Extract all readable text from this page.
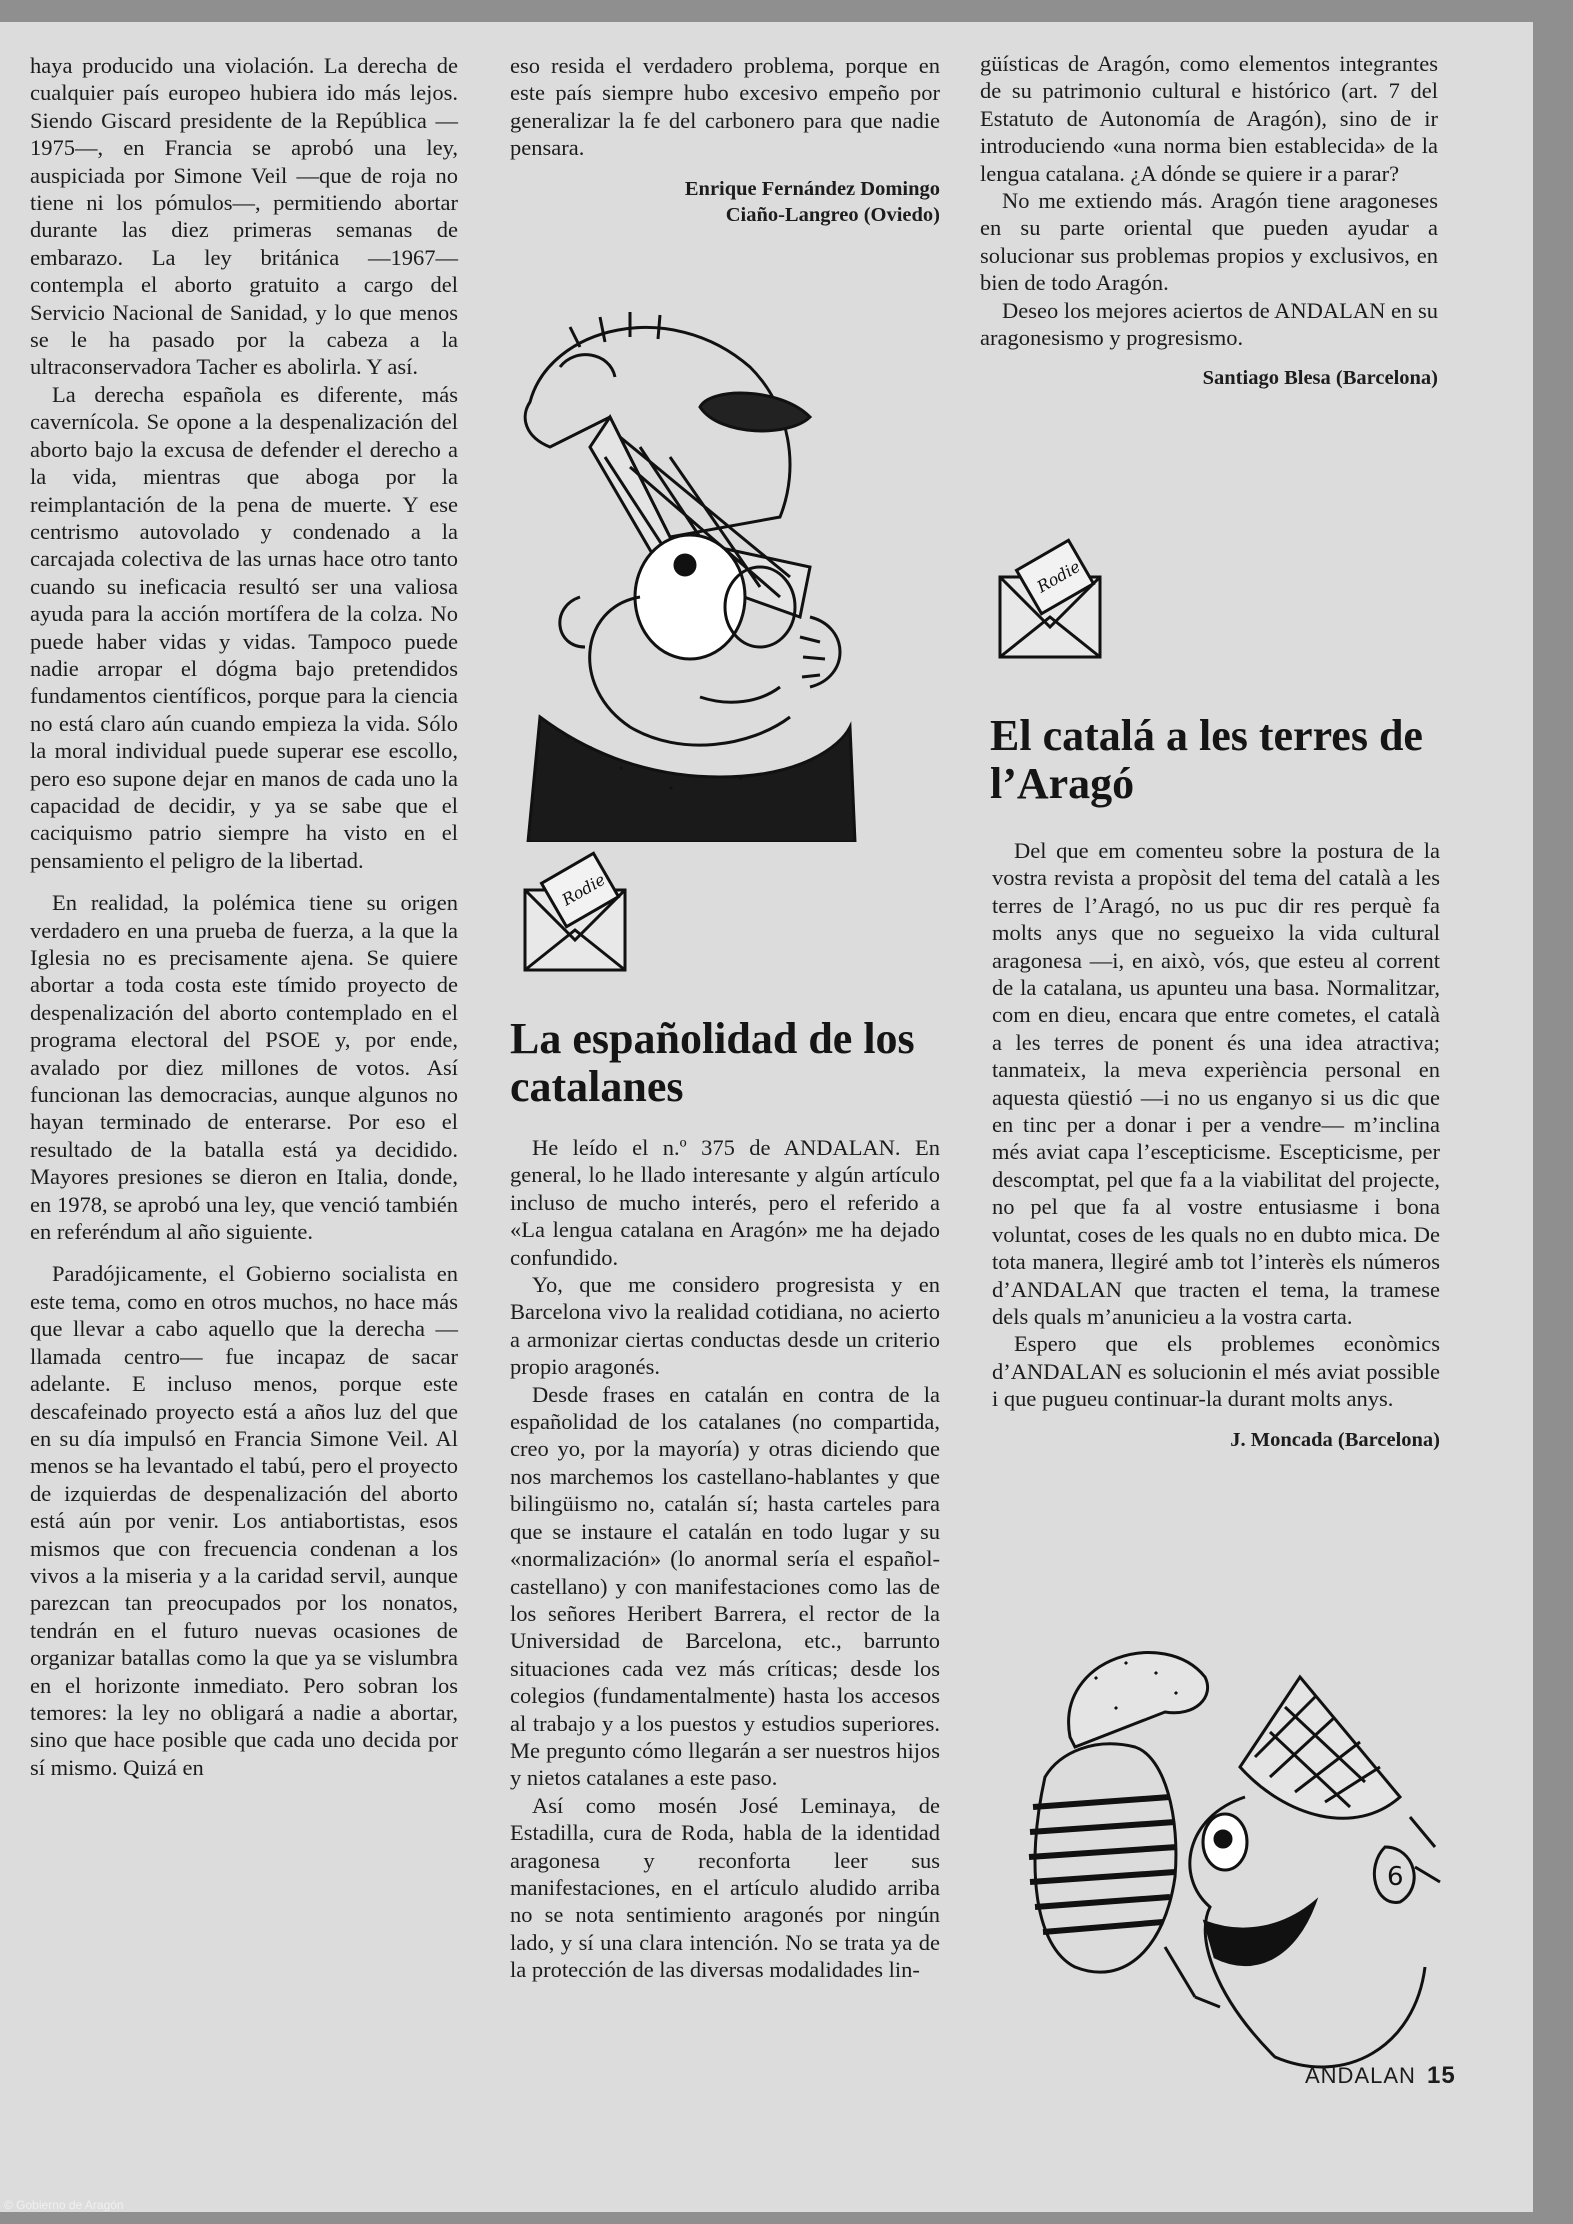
haya producido una violación. La derecha de cualquier país europeo hubiera ido más lejos. Siendo Giscard presidente de la República —1975—, en Francia se aprobó una ley, auspiciada por Simone Veil —que de roja no tiene ni los pómulos—, permitiendo abortar durante las diez primeras semanas de embarazo. La ley británica —1967— contempla el aborto gratuito a cargo del Servicio Nacional de Sanidad, y lo que menos se le ha pasado por la cabeza a la ultraconservadora Tacher es abolirla. Y así.

La derecha española es diferente, más cavernícola. Se opone a la despenalización del aborto bajo la excusa de defender el derecho a la vida, mientras que aboga por la reimplantación de la pena de muerte. Y ese centrismo autovolado y condenado a la carcajada colectiva de las urnas hace otro tanto cuando su ineficacia resultó ser una valiosa ayuda para la acción mortífera de la colza. No puede haber vidas y vidas. Tampoco puede nadie arropar el dógma bajo pretendidos fundamentos científicos, porque para la ciencia no está claro aún cuando empieza la vida. Sólo la moral individual puede superar ese escollo, pero eso supone dejar en manos de cada uno la capacidad de decidir, y ya se sabe que el caciquismo patrio siempre ha visto en el pensamiento el peligro de la libertad.

En realidad, la polémica tiene su origen verdadero en una prueba de fuerza, a la que la Iglesia no es precisamente ajena. Se quiere abortar a toda costa este tímido proyecto de despenalización del aborto contemplado en el programa electoral del PSOE y, por ende, avalado por diez millones de votos. Así funcionan las democracias, aunque algunos no hayan terminado de enterarse. Por eso el resultado de la batalla está ya decidido. Mayores presiones se dieron en Italia, donde, en 1978, se aprobó una ley, que venció también en referéndum al año siguiente.

Paradójicamente, el Gobierno socialista en este tema, como en otros muchos, no hace más que llevar a cabo aquello que la derecha —llamada centro— fue incapaz de sacar adelante. E incluso menos, porque este descafeinado proyecto está a años luz del que en su día impulsó en Francia Simone Veil. Al menos se ha levantado el tabú, pero el proyecto de izquierdas de despenalización del aborto está aún por venir. Los antiabortistas, esos mismos que con frecuencia condenan a los vivos a la miseria y a la caridad servil, aunque parezcan tan preocupados por los nonatos, tendrán en el futuro nuevas ocasiones de organizar batallas como la que ya se vislumbra en el horizonte inmediato. Pero sobran los temores: la ley no obligará a nadie a abortar, sino que hace posible que cada uno decida por sí mismo. Quizá en

eso resida el verdadero problema, porque en este país siempre hubo excesivo empeño por generalizar la fe del carbonero para que nadie pensara.

Enrique Fernández Domingo
Ciaño-Langreo (Oviedo)
Rodie
La españolidad de los catalanes

He leído el n.º 375 de ANDALAN. En general, lo he llado interesante y algún artículo incluso de mucho interés, pero el referido a «La lengua catalana en Aragón» me ha dejado confundido.

Yo, que me considero progresista y en Barcelona vivo la realidad cotidiana, no acierto a armonizar ciertas conductas desde un criterio propio aragonés.

Desde frases en catalán en contra de la españolidad de los catalanes (no compartida, creo yo, por la mayoría) y otras diciendo que nos marchemos los castellano-hablantes y que bilingüismo no, catalán sí; hasta carteles para que se instaure el catalán en todo lugar y su «normalización» (lo anormal sería el español-castellano) y con manifestaciones como las de los señores Heribert Barrera, el rector de la Universidad de Barcelona, etc., barrunto situaciones cada vez más críticas; desde los colegios (fundamentalmente) hasta los accesos al trabajo y a los puestos y estudios superiores. Me pregunto cómo llegarán a ser nuestros hijos y nietos catalanes a este paso.

Así como mosén José Leminaya, de Estadilla, cura de Roda, habla de la identidad aragonesa y reconforta leer sus manifestaciones, en el artículo aludido arriba no se nota sentimiento aragonés por ningún lado, y sí una clara intención. No se trata ya de la protección de las diversas modalidades lin-

güísticas de Aragón, como elementos integrantes de su patrimonio cultural e histórico (art. 7 del Estatuto de Autonomía de Aragón), sino de ir introduciendo «una norma bien establecida» de la lengua catalana. ¿A dónde se quiere ir a parar?

No me extiendo más. Aragón tiene aragoneses en su parte oriental que pueden ayudar a solucionar sus problemas propios y exclusivos, en bien de todo Aragón.

Deseo los mejores aciertos de ANDALAN en su aragonesismo y progresismo.

Santiago Blesa (Barcelona)
Rodie
El catalá a les terres de l’Aragó

Del que em comenteu sobre la postura de la vostra revista a propòsit del tema del català a les terres de l’Aragó, no us puc dir res perquè fa molts anys que no segueixo la vida cultural aragonesa —i, en això, vós, que esteu al corrent de la catalana, us apunteu una basa. Normalitzar, com en dieu, encara que entre cometes, el català a les terres de ponent és una idea atractiva; tanmateix, la meva experiència personal en aquesta qüestió —i no us enganyo si us dic que en tinc per a donar i per a vendre— m’inclina més aviat capa l’escepticisme. Escepticisme, per descomptat, pel que fa a la viabilitat del projecte, no pel que fa al vostre entusiasme i bona voluntat, coses de les quals no en dubto mica. De tota manera, llegiré amb tot l’interès els números d’ANDALAN que tracten el tema, la tramese dels quals m’anunicieu a la vostra carta.

Espero que els problemes econòmics d’ANDALAN es solucionin el més aviat possible i que pugueu continuar-la durant molts anys.

J. Moncada (Barcelona)
6
ANDALAN 15
© Gobierno de Aragón
